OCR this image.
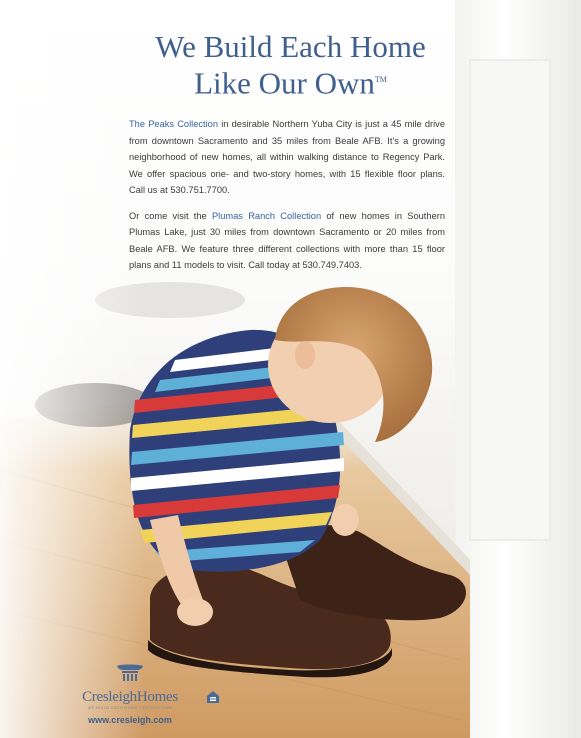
We Build Each Home
Like Our Own™

The Peaks Collection in desirable Northern Yuba City is just a 45 mile drive from downtown Sacramento and 35 miles from Beale AFB. It's a growing neighborhood of new homes, all within walking distance to Regency Park. We offer spacious one- and two-story homes, with 15 flexible floor plans. Call us at 530.751.7700.

Or come visit the Plumas Ranch Collection of new homes in Southern Plumas Lake, just 30 miles from downtown Sacramento or 20 miles from Beale AFB. We feature three different collections with more than 15 floor plans and 11 models to visit. Call today at 530.749.7403.

CresleighHomes
WE BUILD EACH HOME LIKE OUR OWN
www.cresleigh.com
